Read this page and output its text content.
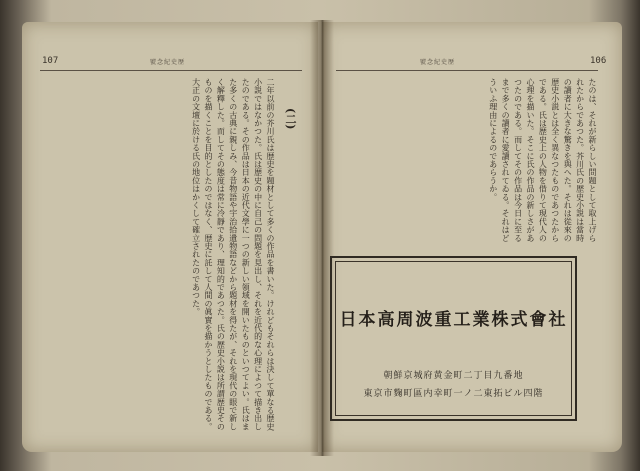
107	號念紀史歷
(二)
二年以前の芥川氏は歴史を題材として多くの作品を書いた。けれどもそれらは決して單なる歴史小説ではなかつた。氏は歴史の中に自己の問題を見出し、それを近代的な心理によつて描き出したのである。その作品は日本の近代文學に一つの新しい領域を開いたものといつてよい。氏はまた多くの古典に親しみ、今昔物語や宇治拾遺物語などから題材を得たが、それを現代の眼で新しく解釋した。而してその態度は常に冷靜であり、理知的であつた。氏の歴史小説は所謂歴史そのものを描くことを目的としたのではなく、歴史に託して人間の眞實を描かうとしたものである。大正の文壇に於ける氏の地位はかくして確立されたのであつた。
106
號念紀史歷
たのは、それが新らしい問題として取上げられたからであつた。芥川氏の歴史小説は當時の讀者に大きな驚きを與へた。それは從來の歴史小説とは全く異なつたものであつたからである。氏は歴史上の人物を借りて現代人の心理を描いた。そこに氏の作品の新しさがあつたのである。而してその作品は今日に至るまで多くの讀者に愛讀されてゐる。それはどういふ理由によるのであらうか。
日本高周波重工業株式會社
朝鮮京城府黄金町二丁目九番地
東京市麴町區内幸町一ノ二東拓ビル四階
